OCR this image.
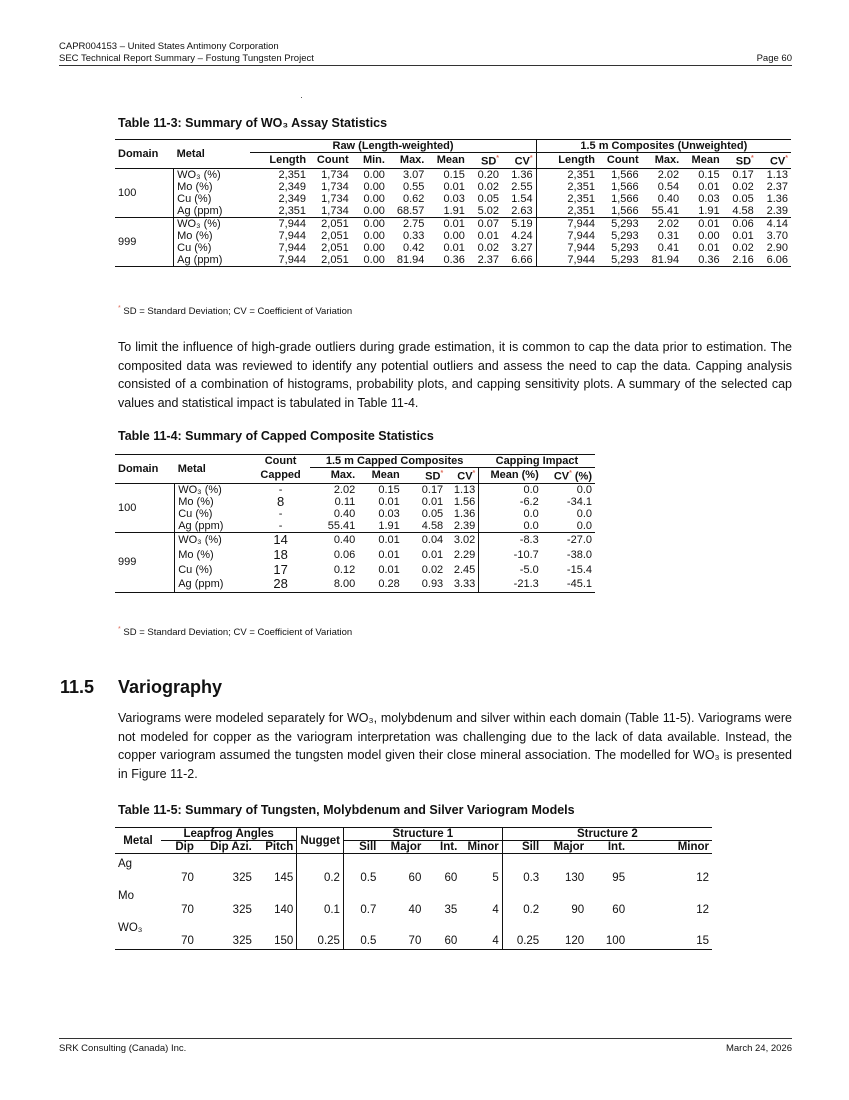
CAPR004153 – United States Antimony Corporation
SEC Technical Report Summary – Fostung Tungsten Project	Page 60
Table 11-3: Summary of WO₃ Assay Statistics
Domain	Metal	Raw (Length-weighted)							1.5 m Composites (Unweighted)					
		Length	Count	Min.	Max.	Mean	SD*	CV*	Length	Count	Max.	Mean	SD*	CV*
100	WO₃ (%)	2,351	1,734	0.00	3.07	0.15	0.20	1.36	2,351	1,566	2.02	0.15	0.17	1.13
	Mo (%)	2,349	1,734	0.00	0.55	0.01	0.02	2.55	2,351	1,566	0.54	0.01	0.02	2.37
	Cu (%)	2,349	1,734	0.00	0.62	0.03	0.05	1.54	2,351	1,566	0.40	0.03	0.05	1.36
	Ag (ppm)	2,351	1,734	0.00	68.57	1.91	5.02	2.63	2,351	1,566	55.41	1.91	4.58	2.39
999	WO₃ (%)	7,944	2,051	0.00	2.75	0.01	0.07	5.19	7,944	5,293	2.02	0.01	0.06	4.14
	Mo (%)	7,944	2,051	0.00	0.33	0.00	0.01	4.24	7,944	5,293	0.31	0.00	0.01	3.70
	Cu (%)	7,944	2,051	0.00	0.42	0.01	0.02	3.27	7,944	5,293	0.41	0.01	0.02	2.90
	Ag (ppm)	7,944	2,051	0.00	81.94	0.36	2.37	6.66	7,944	5,293	81.94	0.36	2.16	6.06
* SD = Standard Deviation; CV = Coefficient of Variation
To limit the influence of high-grade outliers during grade estimation, it is common to cap the data prior to estimation. The composited data was reviewed to identify any potential outliers and assess the need to cap the data. Capping analysis consisted of a combination of histograms, probability plots, and capping sensitivity plots. A summary of the selected cap values and statistical impact is tabulated in Table 11-4.
Table 11-4: Summary of Capped Composite Statistics
Domain	Metal	Count	1.5 m Capped Composites				Capping Impact	
		Capped	Max.	Mean	SD*	CV*	Mean (%)	CV* (%)
100	WO₃ (%)	-	2.02	0.15	0.17	1.13	0.0	0.0
	Mo (%)	8	0.11	0.01	0.01	1.56	-6.2	-34.1
	Cu (%)	-	0.40	0.03	0.05	1.36	0.0	0.0
	Ag (ppm)	-	55.41	1.91	4.58	2.39	0.0	0.0
999	WO₃ (%)	14	0.40	0.01	0.04	3.02	-8.3	-27.0
	Mo (%)	18	0.06	0.01	0.01	2.29	-10.7	-38.0
	Cu (%)	17	0.12	0.01	0.02	2.45	-5.0	-15.4
	Ag (ppm)	28	8.00	0.28	0.93	3.33	-21.3	-45.1
* SD = Standard Deviation; CV = Coefficient of Variation
11.5 Variography
Variograms were modeled separately for WO₃, molybdenum and silver within each domain (Table 11-5). Variograms were not modeled for copper as the variogram interpretation was challenging due to the lack of data available. Instead, the copper variogram assumed the tungsten model given their close mineral association. The modelled for WO₃ is presented in Figure 11-2.
Table 11-5: Summary of Tungsten, Molybdenum and Silver Variogram Models
Metal	Leapfrog Angles			Nugget	Structure 1				Structure 2			
	Dip	Dip Azi.	Pitch		Sill	Major	Int.	Minor	Sill	Major	Int.	Minor
Ag	70	325	145	0.2	0.5	60	60	5	0.3	130	95	12
Mo	70	325	140	0.1	0.7	40	35	4	0.2	90	60	12
WO₃	70	325	150	0.25	0.5	70	60	4	0.25	120	100	15
SRK Consulting (Canada) Inc.	March 24, 2026
